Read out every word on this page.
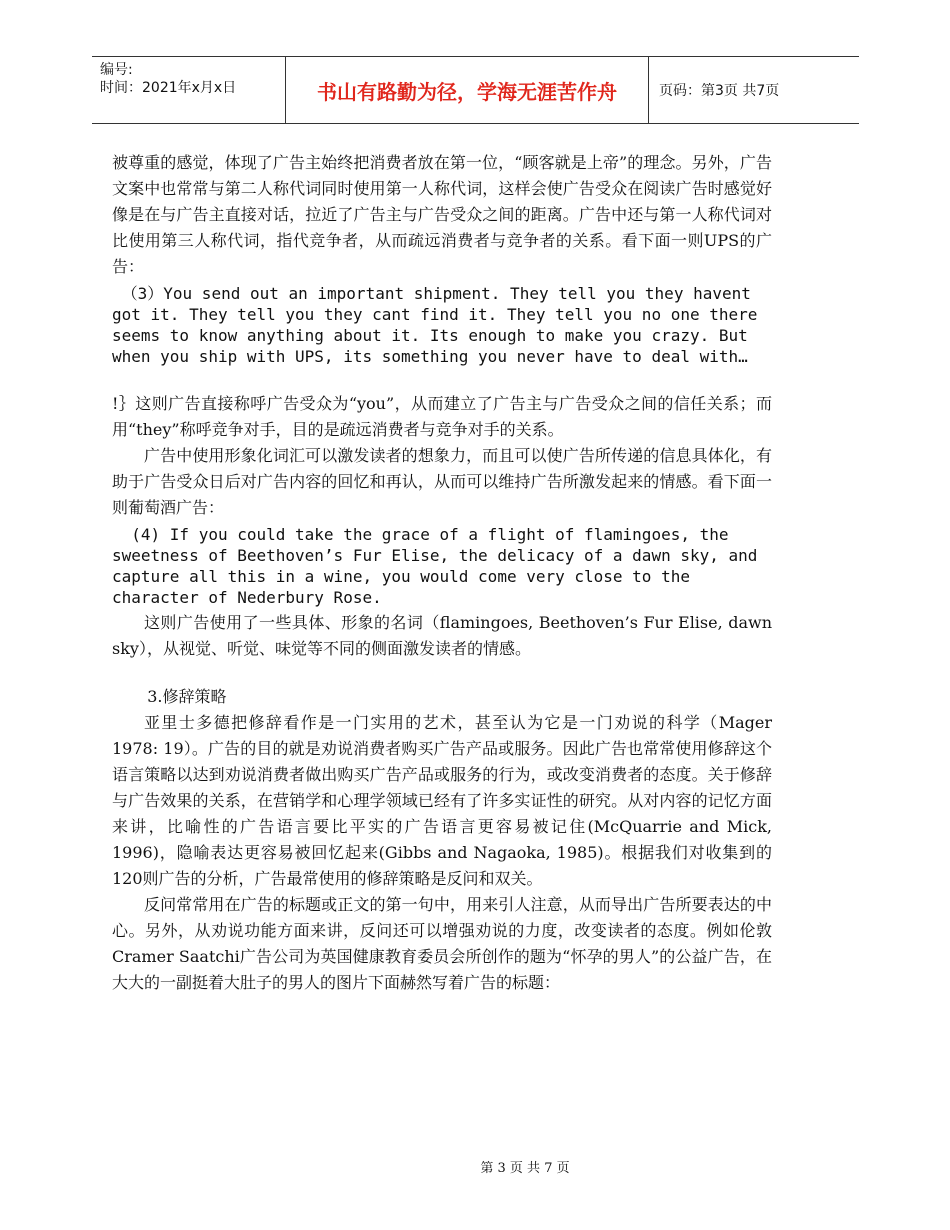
编号:
时间：2021年x月x日	书山有路勤为径，学海无涯苦作舟	页码：第3页 共7页

被尊重的感觉，体现了广告主始终把消费者放在第一位，“顾客就是上帝”的理念。另外，广告文案中也常常与第二人称代词同时使用第一人称代词，这样会使广告受众在阅读广告时感觉好像是在与广告主直接对话，拉近了广告主与广告受众之间的距离。广告中还与第一人称代词对比使用第三人称代词，指代竞争者，从而疏远消费者与竞争者的关系。看下面一则UPS的广告：

（3）You send out an important shipment. They tell you they havent got it. They tell you they cant find it. They tell you no one there seems to know anything about it. Its enough to make you crazy. But when you ship with UPS, its something you never have to deal with…

!｝这则广告直接称呼广告受众为“you”，从而建立了广告主与广告受众之间的信任关系；而用“they”称呼竞争对手，目的是疏远消费者与竞争对手的关系。

广告中使用形象化词汇可以激发读者的想象力，而且可以使广告所传递的信息具体化，有助于广告受众日后对广告内容的回忆和再认，从而可以维持广告所激发起来的情感。看下面一则葡萄酒广告：

(4) If you could take the grace of a flight of flamingoes, the sweetness of Beethoven’s Fur Elise, the delicacy of a dawn sky, and capture all this in a wine, you would come very close to the character of Nederbury Rose.

这则广告使用了一些具体、形象的名词（flamingoes, Beethoven’s Fur Elise, dawn sky），从视觉、听觉、味觉等不同的侧面激发读者的情感。

3.修辞策略

亚里士多德把修辞看作是一门实用的艺术，甚至认为它是一门劝说的科学（Mager 1978: 19）。广告的目的就是劝说消费者购买广告产品或服务。因此广告也常常使用修辞这个语言策略以达到劝说消费者做出购买广告产品或服务的行为，或改变消费者的态度。关于修辞与广告效果的关系，在营销学和心理学领域已经有了许多实证性的研究。从对内容的记忆方面来讲，比喻性的广告语言要比平实的广告语言更容易被记住(McQuarrie and Mick, 1996)，隐喻表达更容易被回忆起来(Gibbs and Nagaoka, 1985)。根据我们对收集到的120则广告的分析，广告最常使用的修辞策略是反问和双关。

反问常常用在广告的标题或正文的第一句中，用来引人注意，从而导出广告所要表达的中心。另外，从劝说功能方面来讲，反问还可以增强劝说的力度，改变读者的态度。例如伦敦Cramer Saatchi广告公司为英国健康教育委员会所创作的题为“怀孕的男人”的公益广告，在大大的一副挺着大肚子的男人的图片下面赫然写着广告的标题：

第 3 页 共 7 页
